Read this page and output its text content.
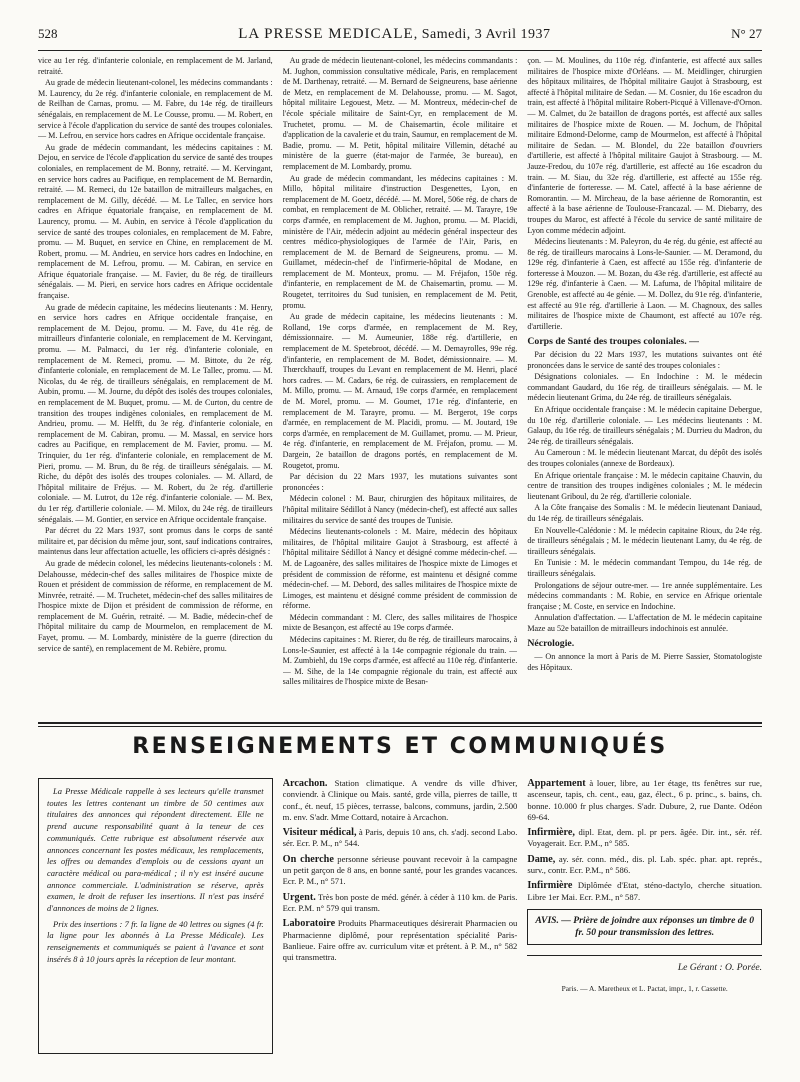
528	LA PRESSE MEDICALE, Samedi, 3 Avril 1937	N° 27

vice au 1er rég. d'infanterie coloniale, en remplacement de M. Jarland, retraité.

Au grade de médecin lieutenant-colonel, les médecins commandants : M. Laurency, du 2e rég. d'infanterie coloniale, en remplacement de M. de Reilhan de Carnas, promu. — M. Fabre, du 14e rég. de tirailleurs sénégalais, en remplacement de M. Le Cousse, promu. — M. Robert, en service à l'école d'application du service de santé des troupes coloniales. — M. Lefrou, en service hors cadres en Afrique occidentale française.

Au grade de médecin commandant, les médecins capitaines : M. Dejou, en service de l'école d'application du service de santé des troupes coloniales, en remplacement de M. Bonny, retraité. — M. Kervingant, en service hors cadres au Pacifique, en remplacement de M. Bernardin, retraité. — M. Remeci, du 12e bataillon de mitrailleurs malgaches, en remplacement de M. Gilly, décédé. — M. Le Tallec, en service hors cadres en Afrique équatoriale française, en remplacement de M. Laurency, promu. — M. Aubin, en service à l'école d'application du service de santé des troupes coloniales, en remplacement de M. Fabre, promu. — M. Buquet, en service en Chine, en remplacement de M. Robert, promu. — M. Andrieu, en service hors cadres en Indochine, en remplacement de M. Lefrou, promu. — M. Cabiran, en service en Afrique équatoriale française. — M. Favier, du 8e rég. de tirailleurs sénégalais. — M. Pieri, en service hors cadres en Afrique occidentale française.

Au grade de médecin capitaine, les médecins lieutenants : M. Henry, en service hors cadres en Afrique occidentale française, en remplacement de M. Dejou, promu. — M. Fave, du 41e rég. de mitrailleurs d'infanterie coloniale, en remplacement de M. Kervingant, promu. — M. Palmacci, du 1er rég. d'infanterie coloniale, en remplacement de M. Remeci, promu. — M. Bittote, du 2e rég. d'infanterie coloniale, en remplacement de M. Le Tallec, promu. — M. Nicolas, du 4e rég. de tirailleurs sénégalais, en remplacement de M. Aubin, promu. — M. Journe, du dépôt des isolés des troupes coloniales, en remplacement de M. Buquet, promu. — M. de Curton, du centre de transition des troupes indigènes coloniales, en remplacement de M. Andrieu, promu. — M. Helfft, du 3e rég. d'infanterie coloniale, en remplacement de M. Cabiran, promu. — M. Massal, en service hors cadres au Pacifique, en remplacement de M. Favier, promu. — M. Trinquier, du 1er rég. d'infanterie coloniale, en remplacement de M. Pieri, promu. — M. Brun, du 8e rég. de tirailleurs sénégalais. — M. Riche, du dépôt des isolés des troupes coloniales. — M. Allard, de l'hôpital militaire de Fréjus. — M. Robert, du 2e rég. d'artillerie coloniale. — M. Lutrot, du 12e rég. d'infanterie coloniale. — M. Bex, du 1er rég. d'artillerie coloniale. — M. Milox, du 24e rég. de tirailleurs sénégalais. — M. Gontier, en service en Afrique occidentale française.

Par décret du 22 Mars 1937, sont promus dans le corps de santé militaire et, par décision du même jour, sont, sauf indications contraires, maintenus dans leur affectation actuelle, les officiers ci-après désignés :

Au grade de médecin colonel, les médecins lieutenants-colonels : M. Delahousse, médecin-chef des salles militaires de l'hospice mixte de Rouen et président de commission de réforme, en remplacement de M. Minvrée, retraité. — M. Truchetet, médecin-chef des salles militaires de l'hospice mixte de Dijon et président de commission de réforme, en remplacement de M. Guérin, retraité. — M. Badie, médecin-chef de l'hôpital militaire du camp de Mourmelon, en remplacement de M. Fayet, promu. — M. Lombardy, ministère de la guerre (direction du service de santé), en remplacement de M. Rebière, promu.

Au grade de médecin lieutenant-colonel, les médecins commandants : M. Jughon, commission consultative médicale, Paris, en remplacement de M. Darthenay, retraité. — M. Bernard de Seigneurens, base aérienne de Metz, en remplacement de M. Delahousse, promu. — M. Sagot, hôpital militaire Legouest, Metz. — M. Montreux, médecin-chef de l'école spéciale militaire de Saint-Cyr, en remplacement de M. Truchetet, promu. — M. de Chaisemartin, école militaire et d'application de la cavalerie et du train, Saumur, en remplacement de M. Badie, promu. — M. Petit, hôpital militaire Villemin, détaché au ministère de la guerre (état-major de l'armée, 3e bureau), en remplacement de M. Lombardy, promu.

Au grade de médecin commandant, les médecins capitaines : M. Millo, hôpital militaire d'instruction Desgenettes, Lyon, en remplacement de M. Goetz, décédé. — M. Morel, 506e rég. de chars de combat, en remplacement de M. Oblicher, retraité. — M. Tarayre, 19e corps d'armée, en remplacement de M. Jughon, promu. — M. Placidi, ministère de l'Air, médecin adjoint au médecin général inspecteur des centres médico-physiologiques de l'armée de l'Air, Paris, en remplacement de M. de Bernard de Seigneurens, promu. — M. Guillamet, médecin-chef de l'infirmerie-hôpital de Modane, en remplacement de M. Monteux, promu. — M. Fréjafon, 150e rég. d'infanterie, en remplacement de M. de Chaisemartin, promu. — M. Rougetet, territoires du Sud tunisien, en remplacement de M. Petit, promu.

Au grade de médecin capitaine, les médecins lieutenants : M. Rolland, 19e corps d'armée, en remplacement de M. Rey, démissionnaire. — M. Aumeunier, 188e rég. d'artillerie, en remplacement de M. Spetebroot, décédé. — M. Demayrolles, 99e rég. d'infanterie, en remplacement de M. Bodet, démissionnaire. — M. Thœrckhauff, troupes du Levant en remplacement de M. Henri, placé hors cadres. — M. Cadars, 6e rég. de cuirassiers, en remplacement de M. Millo, promu. — M. Arnaud, 19e corps d'armée, en remplacement de M. Morel, promu. — M. Goumet, 171e rég. d'infanterie, en remplacement de M. Tarayre, promu. — M. Bergerot, 19e corps d'armée, en remplacement de M. Placidi, promu. — M. Joutard, 19e corps d'armée, en remplacement de M. Guillamet, promu. — M. Prieur, 4e rég. d'infanterie, en remplacement de M. Fréjafon, promu. — M. Dargein, 2e bataillon de dragons portés, en remplacement de M. Rougetot, promu.

Par décision du 22 Mars 1937, les mutations suivantes sont prononcées :

Médecin colonel : M. Baur, chirurgien des hôpitaux militaires, de l'hôpital militaire Sédillot à Nancy (médecin-chef), est affecté aux salles militaires du service de santé des troupes de Tunisie.

Médecins lieutenants-colonels : M. Maire, médecin des hôpitaux militaires, de l'hôpital militaire Gaujot à Strasbourg, est affecté à l'hôpital militaire Sédillot à Nancy et désigné comme médecin-chef. — M. de Lagoanère, des salles militaires de l'hospice mixte de Limoges et président de commission de réforme, est maintenu et désigné comme médecin-chef. — M. Debord, des salles militaires de l'hospice mixte de Limoges, est maintenu et désigné comme président de commission de réforme.

Médecin commandant : M. Clerc, des salles militaires de l'hospice mixte de Besançon, est affecté au 19e corps d'armée.

Médecins capitaines : M. Rierer, du 8e rég. de tirailleurs marocains, à Lons-le-Saunier, est affecté à la 14e compagnie régionale du train. — M. Zumbiehl, du 19e corps d'armée, est affecté au 110e rég. d'infanterie. — M. Sihe, de la 14e compagnie régionale du train, est affecté aux salles militaires de l'hospice mixte de Besan-

çon. — M. Moulines, du 110e rég. d'infanterie, est affecté aux salles militaires de l'hospice mixte d'Orléans. — M. Meidlinger, chirurgien des hôpitaux militaires, de l'hôpital militaire Gaujot à Strasbourg, est affecté à l'hôpital militaire de Sedan. — M. Cosnier, du 16e escadron du train, est affecté à l'hôpital militaire Robert-Picqué à Villenave-d'Ornon. — M. Calmet, du 2e bataillon de dragons portés, est affecté aux salles militaires de l'hospice mixte de Rouen. — M. Jochum, de l'hôpital militaire Edmond-Delorme, camp de Mourmelon, est affecté à l'hôpital militaire de Sedan. — M. Blondel, du 22e bataillon d'ouvriers d'artillerie, est affecté à l'hôpital militaire Gaujot à Strasbourg. — M. Jauze-Fredou, du 107e rég. d'artillerie, est affecté au 16e escadron du train. — M. Siau, du 32e rég. d'artillerie, est affecté au 155e rég. d'infanterie de forteresse. — M. Catel, affecté à la base aérienne de Romorantin. — M. Mircheau, de la base aérienne de Romorantin, est affecté à la base aérienne de Toulouse-Francazal. — M. Diebarry, des troupes du Maroc, est affecté à l'école du service de santé militaire de Lyon comme médecin adjoint.

Médecins lieutenants : M. Paleyron, du 4e rég. du génie, est affecté au 8e rég. de tirailleurs marocains à Lons-le-Saunier. — M. Deramond, du 129e rég. d'infanterie à Caen, est affecté au 155e rég. d'infanterie de forteresse à Mouzon. — M. Bozan, du 43e rég. d'artillerie, est affecté au 129e rég. d'infanterie à Caen. — M. Lafuma, de l'hôpital militaire de Grenoble, est affecté au 4e génie. — M. Dollez, du 91e rég. d'infanterie, est affecté au 91e rég. d'artillerie à Laon. — M. Chagnoux, des salles militaires de l'hospice mixte de Chaumont, est affecté au 107e rég. d'artillerie.

Corps de Santé des troupes coloniales. —

Par décision du 22 Mars 1937, les mutations suivantes ont été prononcées dans le service de santé des troupes coloniales :

Désignations coloniales. — En Indochine : M. le médecin commandant Gaudard, du 16e rég. de tirailleurs sénégalais. — M. le médecin lieutenant Grima, du 24e rég. de tirailleurs sénégalais.

En Afrique occidentale française : M. le médecin capitaine Debergue, du 10e rég. d'artillerie coloniale. — Les médecins lieutenants : M. Galaup, du 16e rég. de tirailleurs sénégalais ; M. Durrieu du Madron, du 24e rég. de tirailleurs sénégalais.

Au Cameroun : M. le médecin lieutenant Marcat, du dépôt des isolés des troupes coloniales (annexe de Bordeaux).

En Afrique orientale française : M. le médecin capitaine Chauvin, du centre de transition des troupes indigènes coloniales ; M. le médecin lieutenant Griboul, du 2e rég. d'artillerie coloniale.

A la Côte française des Somalis : M. le médecin lieutenant Daniaud, du 14e rég. de tirailleurs sénégalais.

En Nouvelle-Calédonie : M. le médecin capitaine Rioux, du 24e rég. de tirailleurs sénégalais ; M. le médecin lieutenant Lamy, du 4e rég. de tirailleurs sénégalais.

En Tunisie : M. le médecin commandant Tempou, du 14e rég. de tirailleurs sénégalais.

Prolongations de séjour outre-mer. — 1re année supplémentaire. Les médecins commandants : M. Robie, en service en Afrique orientale française ; M. Coste, en service en Indochine.

Annulation d'affectation. — L'affectation de M. le médecin capitaine Maze au 52e bataillon de mitrailleurs indochinois est annulée.

Nécrologie.

— On annonce la mort à Paris de M. Pierre Sassier, Stomatologiste des Hôpitaux.

RENSEIGNEMENTS ET COMMUNIQUÉS

La Presse Médicale rappelle à ses lecteurs qu'elle transmet toutes les lettres contenant un timbre de 50 centimes aux titulaires des annonces qui répondent directement. Elle ne prend aucune responsabilité quant à la teneur de ces communiqués. Cette rubrique est absolument réservée aux annonces concernant les postes médicaux, les remplacements, les offres ou demandes d'emplois ou de cessions ayant un caractère médical ou para-médical ; il n'y est inséré aucune annonce commerciale. L'administration se réserve, après examen, le droit de refuser les insertions. Il n'est pas inséré d'annonces de moins de 2 lignes.

Prix des insertions : 7 fr. la ligne de 40 lettres ou signes (4 fr. la ligne pour les abonnés à La Presse Médicale). Les renseignements et communiqués se paient à l'avance et sont insérés 8 à 10 jours après la réception de leur montant.

Arcachon. Station climatique. A vendre ds ville d'hiver, conviendr. à Clinique ou Mais. santé, grde villa, pierres de taille, tt conf., ét. neuf, 15 pièces, terrasse, balcons, communs, jardin, 2.500 m. env. S'adr. Mme Cottard, notaire à Arcachon.

Visiteur médical, à Paris, depuis 10 ans, ch. s'adj. second Labo. sér. Ecr. P. M., n° 544.

On cherche personne sérieuse pouvant recevoir à la campagne un petit garçon de 8 ans, en bonne santé, pour les grandes vacances. Ecr. P. M., n° 571.

Urgent. Très bon poste de méd. génér. à céder à 110 km. de Paris. Ecr. P.M. n° 579 qui transm.

Laboratoire Produits Pharmaceutiques désirerait Pharmacien ou Pharmacienne diplômé, pour représentation spécialité Paris-Banlieue. Faire offre av. curriculum vitæ et prétent. à P. M., n° 582 qui transmettra.

Appartement à louer, libre, au 1er étage, tts fenêtres sur rue, ascenseur, tapis, ch. cent., eau, gaz, élect., 6 p. princ., s. bains, ch. bonne. 10.000 fr plus charges. S'adr. Dubure, 2, rue Dante. Odéon 69-64.

Infirmière, dipl. Etat, dem. pl. pr pers. âgée. Dir. int., sér. réf. Voyagerait. Ecr. P.M., n° 585.

Dame, ay. sér. conn. méd., dis. pl. Lab. spéc. phar. apt. représ., surv., contr. Ecr. P.M., n° 586.

Infirmière Diplômée d'Etat, sténo-dactylo, cherche situation. Libre 1er Mai. Ecr. P.M., n° 587.

AVIS. — Prière de joindre aux réponses un timbre de 0 fr. 50 pour transmission des lettres.
Le Gérant : O. Porée.
Paris. — A. Maretheux et L. Pactat, impr., 1, r. Cassette.
